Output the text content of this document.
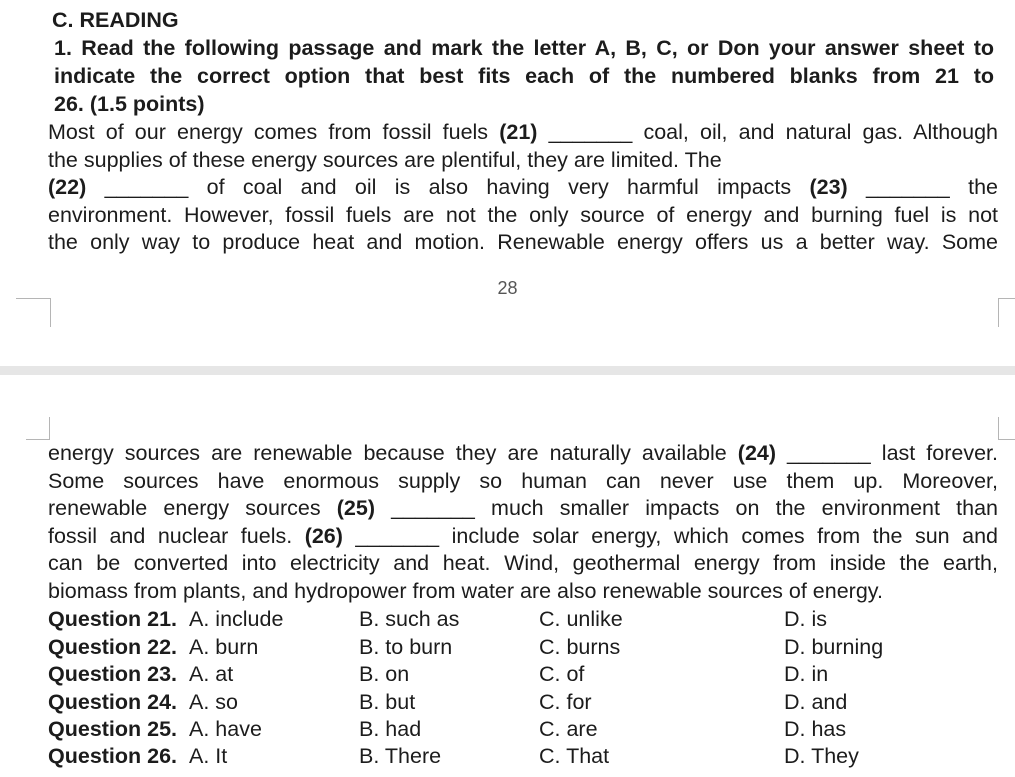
C. READING
1. Read the following passage and mark the letter A, B, C, or Don your answer sheet to
indicate the correct option that best fits each of the numbered blanks from 21 to
26. (1.5 points)
Most of our energy comes from fossil fuels (21) _______ coal, oil, and natural gas. Although
the supplies of these energy sources are plentiful, they are limited. The
(22) _______ of coal and oil is also having very harmful impacts (23) _______ the
environment. However, fossil fuels are not the only source of energy and burning fuel is not
the only way to produce heat and motion. Renewable energy offers us a better way. Some
28
energy sources are renewable because they are naturally available (24) _______ last forever.
Some sources have enormous supply so human can never use them up. Moreover,
renewable energy sources (25) _______ much smaller impacts on the environment than
fossil and nuclear fuels. (26) _______ include solar energy, which comes from the sun and
can be converted into electricity and heat. Wind, geothermal energy from inside the earth,
biomass from plants, and hydropower from water are also renewable sources of energy.
Question 21. A. include	B. such as	C. unlike	D. is
Question 22. A. burn	B. to burn	C. burns	D. burning
Question 23. A. at	B. on	C. of	D. in
Question 24. A. so	B. but	C. for	D. and
Question 25. A. have	B. had	C. are	D. has
Question 26. A. It	B. There	C. That	D. They
